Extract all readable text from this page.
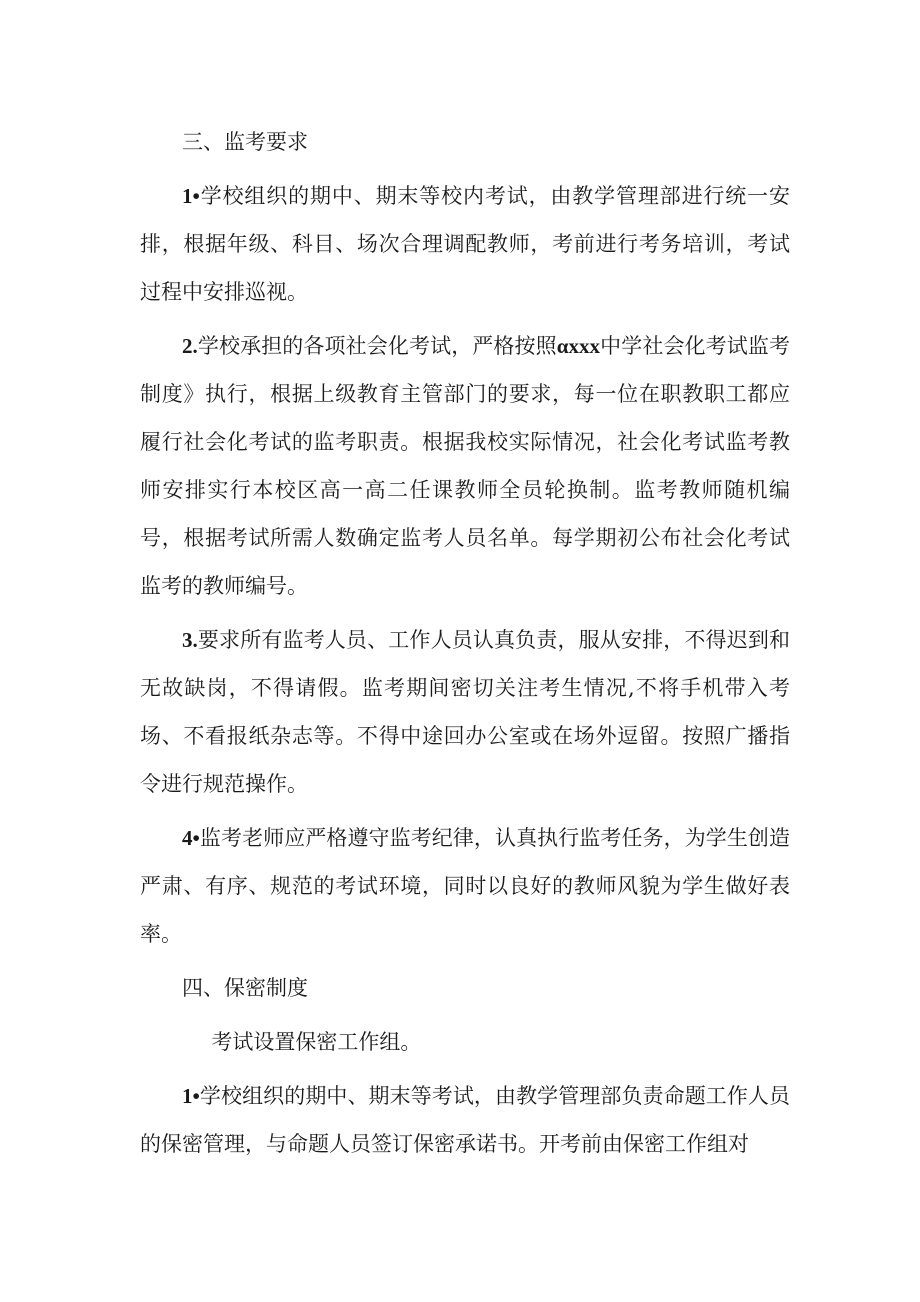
三、监考要求

1•学校组织的期中、期末等校内考试，由教学管理部进行统一安排，根据年级、科目、场次合理调配教师，考前进行考务培训，考试过程中安排巡视。

2.学校承担的各项社会化考试，严格按照αxxx中学社会化考试监考制度》执行，根据上级教育主管部门的要求，每一位在职教职工都应履行社会化考试的监考职责。根据我校实际情况，社会化考试监考教师安排实行本校区高一高二任课教师全员轮换制。监考教师随机编号，根据考试所需人数确定监考人员名单。每学期初公布社会化考试监考的教师编号。

3.要求所有监考人员、工作人员认真负责，服从安排，不得迟到和无故缺岗，不得请假。监考期间密切关注考生情况,不将手机带入考场、不看报纸杂志等。不得中途回办公室或在场外逗留。按照广播指令进行规范操作。

4•监考老师应严格遵守监考纪律，认真执行监考任务，为学生创造严肃、有序、规范的考试环境，同时以良好的教师风貌为学生做好表率。

四、保密制度

考试设置保密工作组。

1•学校组织的期中、期末等考试，由教学管理部负责命题工作人员的保密管理，与命题人员签订保密承诺书。开考前由保密工作组对
